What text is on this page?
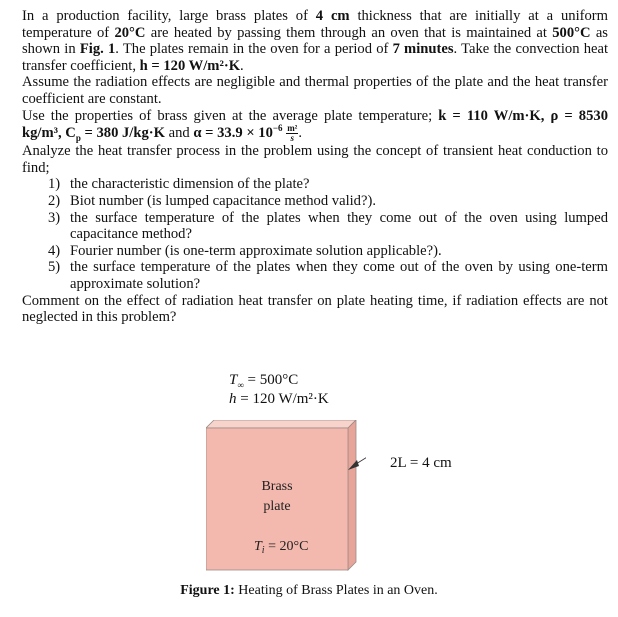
In a production facility, large brass plates of 4 cm thickness that are initially at a uniform temperature of 20°C are heated by passing them through an oven that is maintained at 500°C as shown in Fig. 1. The plates remain in the oven for a period of 7 minutes. Take the convection heat transfer coefficient, h = 120 W/m²·K.

Assume the radiation effects are negligible and thermal properties of the plate and the heat transfer coefficient are constant.

Use the properties of brass given at the average plate temperature; k = 110 W/m·K, ρ = 8530 kg/m³, $C_p = 380$ J/kg·K and $\alpha = 33.9 \times 10^{-6} \frac{\text{m²}}{s}$ .

Analyze the heat transfer process in the problem using the concept of transient heat conduction to find;

1) the characteristic dimension of the plate?
2) Biot number (is lumped capacitance method valid?).
3) the surface temperature of the plates when they come out of the oven using lumped capacitance method?
4) Fourier number (is one-term approximate solution applicable?).
5) the surface temperature of the plates when they come out of the oven by using one-term approximate solution?

Comment on the effect of radiation heat transfer on plate heating time, if radiation effects are not neglected in this problem?

$T_\infty = 500^\circ C$
h = 120 W/m²·K
Brass
plate
$T_i = 20^\circ C$
2L = 4 cm
Figure 1: Heating of Brass Plates in an Oven.
